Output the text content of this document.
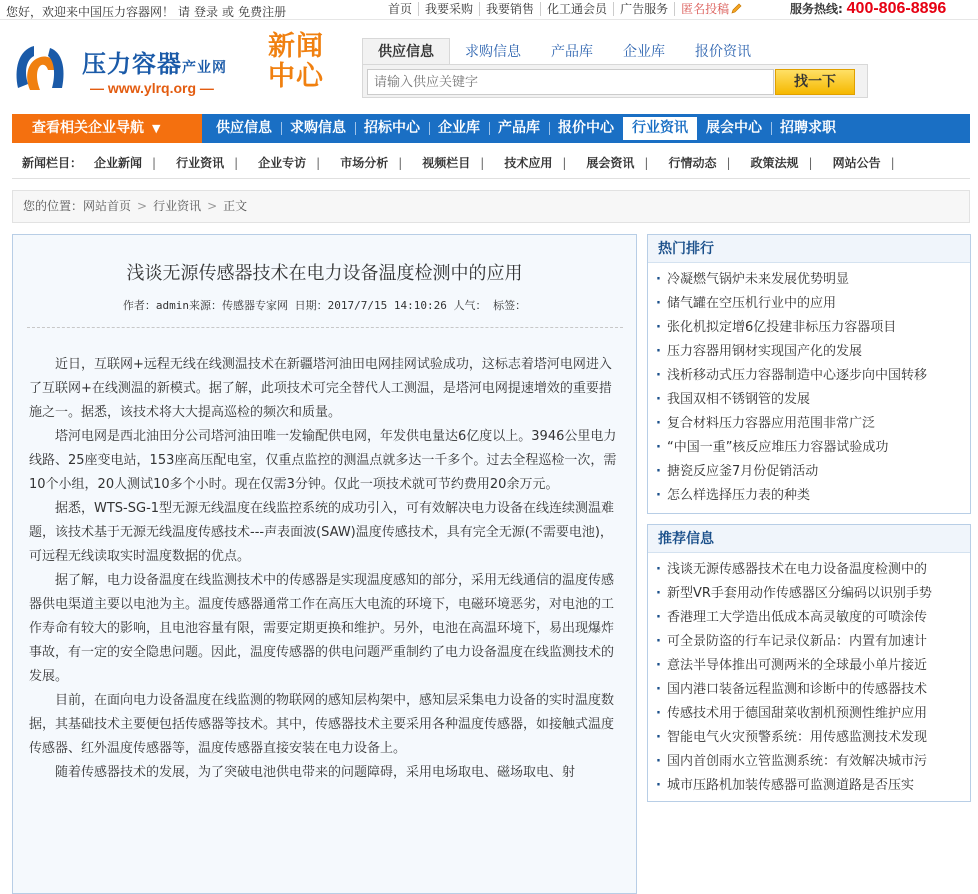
您好，欢迎来中国压力容器网！ 请 登录 或 免费注册	首页 我要采购 我要销售 化工通会员 广告服务 匿名投稿	服务热线: 400-806-8896
压力容器产业网
— www.ylrq.org —
新闻中心
供应信息 求购信息 产品库 企业库 报价资讯
请输入供应关键字
找一下
查看相关企业导航 ▼	供应信息 求购信息 招标中心 企业库 产品库 报价中心 行业资讯 展会中心 招聘求职
新闻栏目： 企业新闻 | 行业资讯 | 企业专访 | 市场分析 | 视频栏目 | 技术应用 | 展会资讯 | 行情动态 | 政策法规 | 网站公告 |
您的位置：网站首页 > 行业资讯 > 正文
浅谈无源传感器技术在电力设备温度检测中的应用
作者：admin来源：传感器专家网 日期：2017/7/15 14:10:26 人气： 标签：

近日，互联网+远程无线在线测温技术在新疆塔河油田电网挂网试验成功，这标志着塔河电网进入了互联网+在线测温的新模式。据了解，此项技术可完全替代人工测温，是塔河电网提速增效的重要措施之一。据悉，该技术将大大提高巡检的频次和质量。

塔河电网是西北油田分公司塔河油田唯一发输配供电网，年发供电量达6亿度以上。3946公里电力线路、25座变电站，153座高压配电室，仅重点监控的测温点就多达一千多个。过去全程巡检一次，需10个小组，20人测试10多个小时。现在仅需3分钟。仅此一项技术就可节约费用20余万元。

据悉，WTS-SG-1型无源无线温度在线监控系统的成功引入，可有效解决电力设备在线连续测温难题，该技术基于无源无线温度传感技术---声表面波(SAW)温度传感技术，具有完全无源(不需要电池)，可远程无线读取实时温度数据的优点。

据了解，电力设备温度在线监测技术中的传感器是实现温度感知的部分，采用无线通信的温度传感器供电渠道主要以电池为主。温度传感器通常工作在高压大电流的环境下，电磁环境恶劣，对电池的工作寿命有较大的影响，且电池容量有限，需要定期更换和维护。另外，电池在高温环境下，易出现爆炸事故，有一定的安全隐患问题。因此，温度传感器的供电问题严重制约了电力设备温度在线监测技术的发展。

目前，在面向电力设备温度在线监测的物联网的感知层构架中，感知层采集电力设备的实时温度数据，其基础技术主要便包括传感器等技术。其中，传感器技术主要采用各种温度传感器，如接触式温度传感器、红外温度传感器等，温度传感器直接安装在电力设备上。

随着传感器技术的发展，为了突破电池供电带来的问题障碍，采用电场取电、磁场取电、射

热门排行
· 冷凝燃气锅炉未来发展优势明显
· 储气罐在空压机行业中的应用
· 张化机拟定增6亿投建非标压力容器项目
· 压力容器用钢材实现国产化的发展
· 浅析移动式压力容器制造中心逐步向中国转移
· 我国双相不锈钢管的发展
· 复合材料压力容器应用范围非常广泛
· “中国一重”核反应堆压力容器试验成功
· 搪瓷反应釜7月份促销活动
· 怎么样选择压力表的种类
推荐信息
· 浅谈无源传感器技术在电力设备温度检测中的
· 新型VR手套用动作传感器区分编码以识别手势
· 香港理工大学造出低成本高灵敏度的可喷涂传
· 可全景防盗的行车记录仪新品：内置有加速计
· 意法半导体推出可测两米的全球最小单片接近
· 国内港口装备远程监测和诊断中的传感器技术
· 传感技术用于德国甜菜收割机预测性维护应用
· 智能电气火灾预警系统：用传感监测技术发现
· 国内首创雨水立管监测系统：有效解决城市污
· 城市压路机加装传感器可监测道路是否压实
